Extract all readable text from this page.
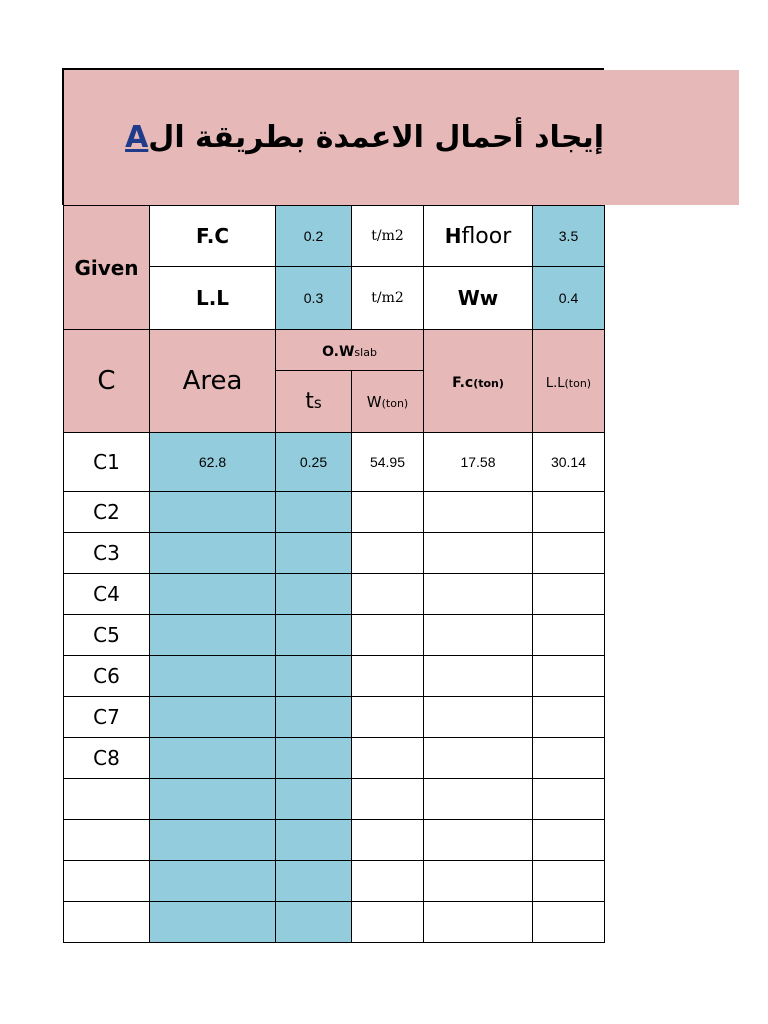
إيجاد أحمال الاعمدة بطريقة ال
A
Given	F.C	0.2	t/m2	Hfloor	3.5
	L.L	0.3	t/m2	Ww	0.4
C	Area	O.Wslab		F.c(ton)	L.L(ton)
		ts	W(ton)		
C1	62.8	0.25	54.95	17.58	30.14
C2					
C3					
C4					
C5					
C6					
C7					
C8					
